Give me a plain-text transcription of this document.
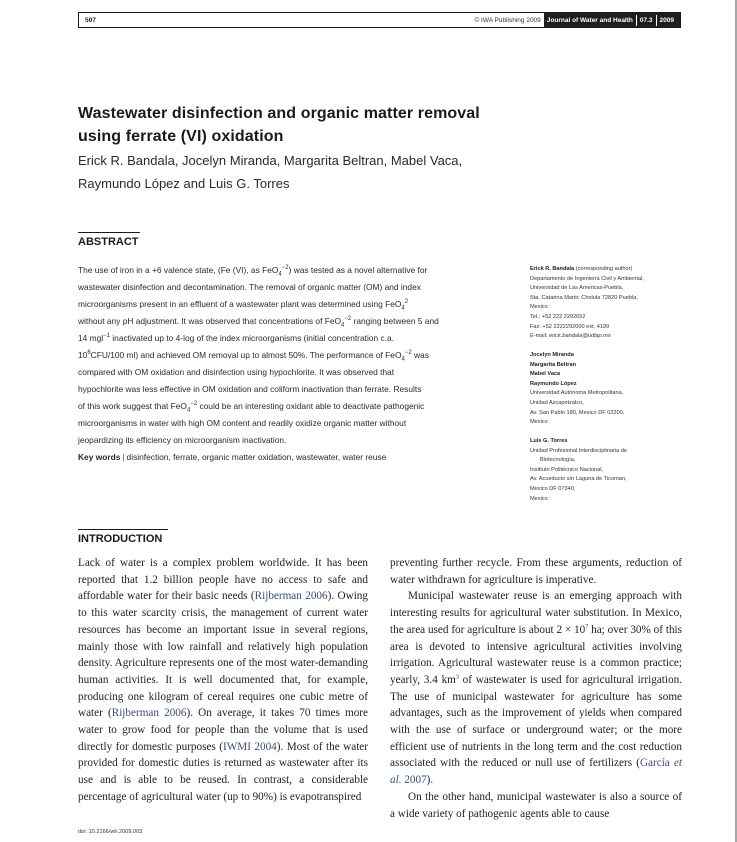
507	© IWA Publishing 2009 Journal of Water and Health 07.3 2009
Wastewater disinfection and organic matter removal
using ferrate (VI) oxidation
Erick R. Bandala, Jocelyn Miranda, Margarita Beltran, Mabel Vaca,
Raymundo López and Luis G. Torres
ABSTRACT

The use of iron in a +6 valence state, (Fe (VI), as FeO$_4^{-2}$) was tested as a novel alternative for

wastewater disinfection and decontamination. The removal of organic matter (OM) and index

microorganisms present in an effluent of a wastewater plant was determined using FeO$_4^2$

without any pH adjustment. It was observed that concentrations of FeO$_4^{-2}$ ranging between 5 and

14 mgl$^{-1}$ inactivated up to 4-log of the index microorganisms (initial concentration c.a.

$10^6CFU/100$ ml) and achieved OM removal up to almost 50%. The performance of FeO$_4^{-2}$ was

compared with OM oxidation and disinfection using hypochlorite. It was observed that

hypochlorite was less effective in OM oxidation and coliform inactivation than ferrate. Results

of this work suggest that FeO$_4^{-2}$ could be an interesting oxidant able to deactivate pathogenic

microorganisms in water with high OM content and readily oxidize organic matter without

jeopardizing its efficiency on microorganism inactivation.

Key words | disinfection, ferrate, organic matter oxidation, wastewater, water reuse

Erick R. Bandala (corresponding author)
Departamento de Ingeniería Civil y Ambiental,
Universidad de Las Americas-Puebla,
Sta. Catarina Martir, Cholula 72820 Puebla,
Mexico
Tel.: +52 222 2292652
Fax: +52 2222292000 ext. 4199
E-mail: erick.bandala@udlap.mx
Jocelyn Miranda
Margarita Beltran
Mabel Vaca
Raymundo López
Universidad Autónoma Metropolitana,
Unidad Azcapotzalco,
Av. San Pablo 180, Mexico DF 02200,
Mexico
Luis G. Torres
Unidad Profesional Interdisciplinaria de
Biotecnología,
Instituto Politécnico Nacional,
Av. Acueducto s/n Laguna de Ticoman,
Mexico DF 07340,
Mexico
INTRODUCTION

Lack of water is a complex problem worldwide. It has been reported that 1.2 billion people have no access to safe and affordable water for their basic needs (Rijberman 2006). Owing to this water scarcity crisis, the management of current water resources has become an important issue in several regions, mainly those with low rainfall and relatively high population density. Agriculture represents one of the most water-demanding human activities. It is well documented that, for example, producing one kilogram of cereal requires one cubic metre of water (Rijberman 2006). On average, it takes 70 times more water to grow food for people than the volume that is used directly for domestic purposes (IWMI 2004). Most of the water provided for domestic duties is returned as wastewater after its use and is able to be reused. In contrast, a considerable percentage of agricultural water (up to 90%) is evapotranspired

preventing further recycle. From these arguments, reduction of water withdrawn for agriculture is imperative.

Municipal wastewater reuse is an emerging approach with interesting results for agricultural water substitution. In Mexico, the area used for agriculture is about $2 \times 10^7$ ha; over 30% of this area is devoted to intensive agricultural activities involving irrigation. Agricultural wastewater reuse is a common practice; yearly, 3.4 $km^3$ of wastewater is used for agricultural irrigation. The use of municipal wastewater for agriculture has some advantages, such as the improvement of yields when compared with the use of surface or underground water; or the more efficient use of nutrients in the long term and the cost reduction associated with the reduced or null use of fertilizers (García et al. 2007).

On the other hand, municipal wastewater is also a source of a wide variety of pathogenic agents able to cause

doi: 10.2166/wh.2009.003
